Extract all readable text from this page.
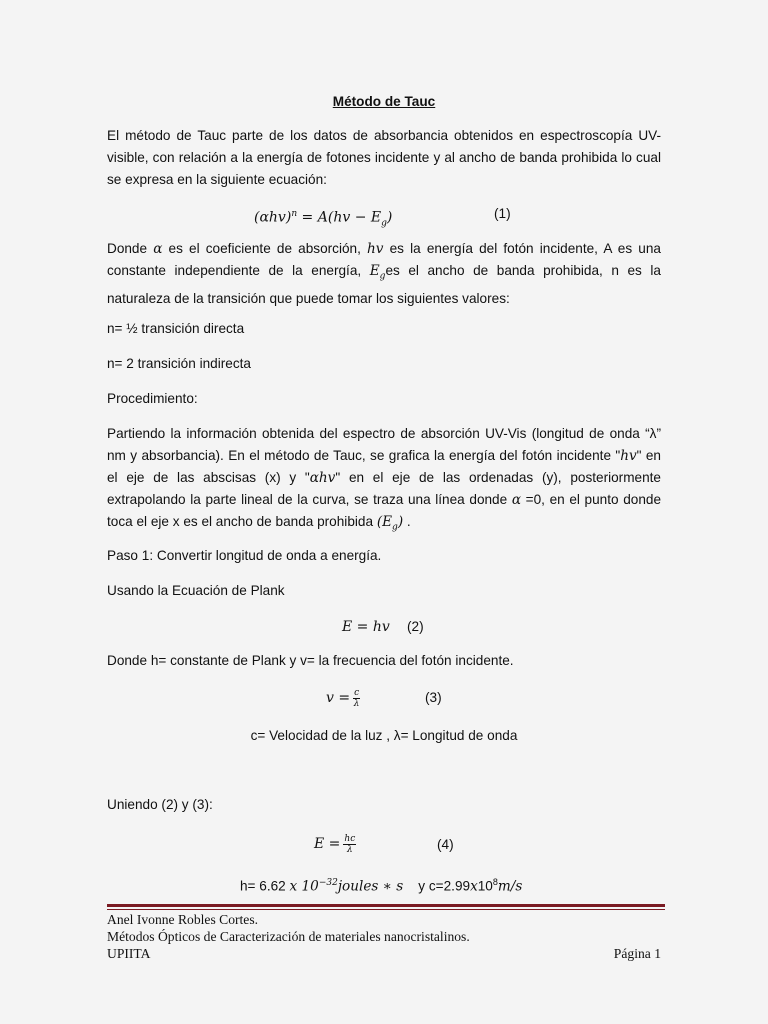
Método de Tauc
El método de Tauc parte de los datos de absorbancia obtenidos en espectroscopía UV-visible, con relación a la energía de fotones incidente y al ancho de banda prohibida lo cual se expresa en la siguiente ecuación:
$(\alpha hv)^n = A(hv - E_g)$	(1)
Donde α es el coeficiente de absorción, hv es la energía del fotón incidente, A es una constante independiente de la energía, $E_ges$ el ancho de banda prohibida, n es la naturaleza de la transición que puede tomar los siguientes valores:
n= ½ transición directa
n= 2 transición indirecta
Procedimiento:
Partiendo la información obtenida del espectro de absorción UV-Vis (longitud de onda “λ” nm y absorbancia). En el método de Tauc, se grafica la energía del fotón incidente "hv" en el eje de las abscisas (x) y "αhv" en el eje de las ordenadas (y), posteriormente extrapolando la parte lineal de la curva, se traza una línea donde α =0, en el punto donde toca el eje x es el ancho de banda prohibida $(E_g)$ .
Paso 1: Convertir longitud de onda a energía.
Usando la Ecuación de Plank
E = hv (2)
Donde h= constante de Plank y v= la frecuencia del fotón incidente.
$v = \frac{c}{\lambda}$	(3)
c= Velocidad de la luz , λ= Longitud de onda
Uniendo (2) y (3):
$E = \frac{hc}{\lambda}$	(4)
h= 6.62 x $10^{-32}joules$ ∗ s    y $c=2.99x10^8m/s$
Anel Ivonne Robles Cortes.
Métodos Ópticos de Caracterización de materiales nanocristalinos.
UPIITA	Página 1
